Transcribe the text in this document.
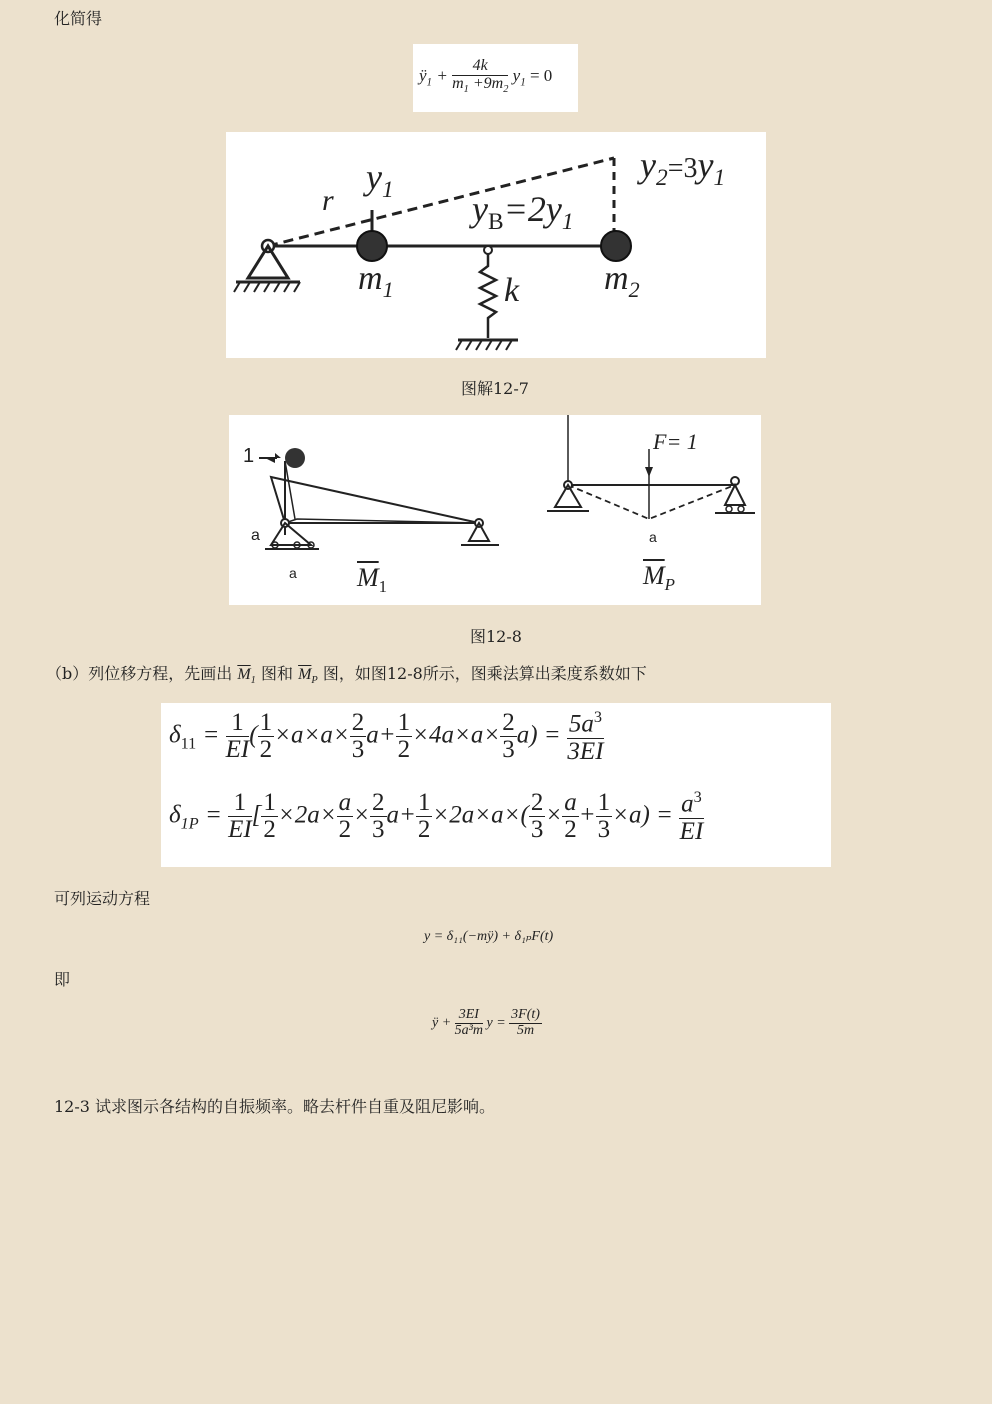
化简得
$ÿ_1 + \frac{4k}{m_1 +9m_2} y_1 = 0$
r
$y_1$ $y_B=2y_1$
$y_2=3y_1$
$m_1$	$m_2$
k
图解12-7
1
a
a $\overline{M}_1$
F= 1
a
$\overline{M}_P$
图12-8
（b）列位移方程，先画出 $\overline{M}_1$ 图和 $\overline{M}_P$ 图，如图12-8所示，图乘法算出柔度系数如下
$\delta_{11} = \frac{1}{EI}$ ( $\frac{1}{2} \times a\times a\times \frac{2}{3} a+ \frac{1}{2} \times 4a\times a\times \frac{2}{3} a) = \frac{5a^3}{3EI}$
$\delta_{1P} = \frac{1}{EI}$ [ $\frac{1}{2} \times 2a\times \frac{a}{2} \times \frac{2}{3} a+ \frac{1}{2} \times 2a\times a\times( \frac{2}{3} \times \frac{a}{2} + \frac{1}{3} \times a) = \frac{a^3}{EI}$
可列运动方程
y = δ₁₁(−mÿ) + δ₁ₚF(t)
即
ÿ + $\frac{3EI}{\text{5a³m}}$ $y = \frac{3F(t)}{5m}$
12-3 试求图示各结构的自振频率。略去杆件自重及阻尼影响。
